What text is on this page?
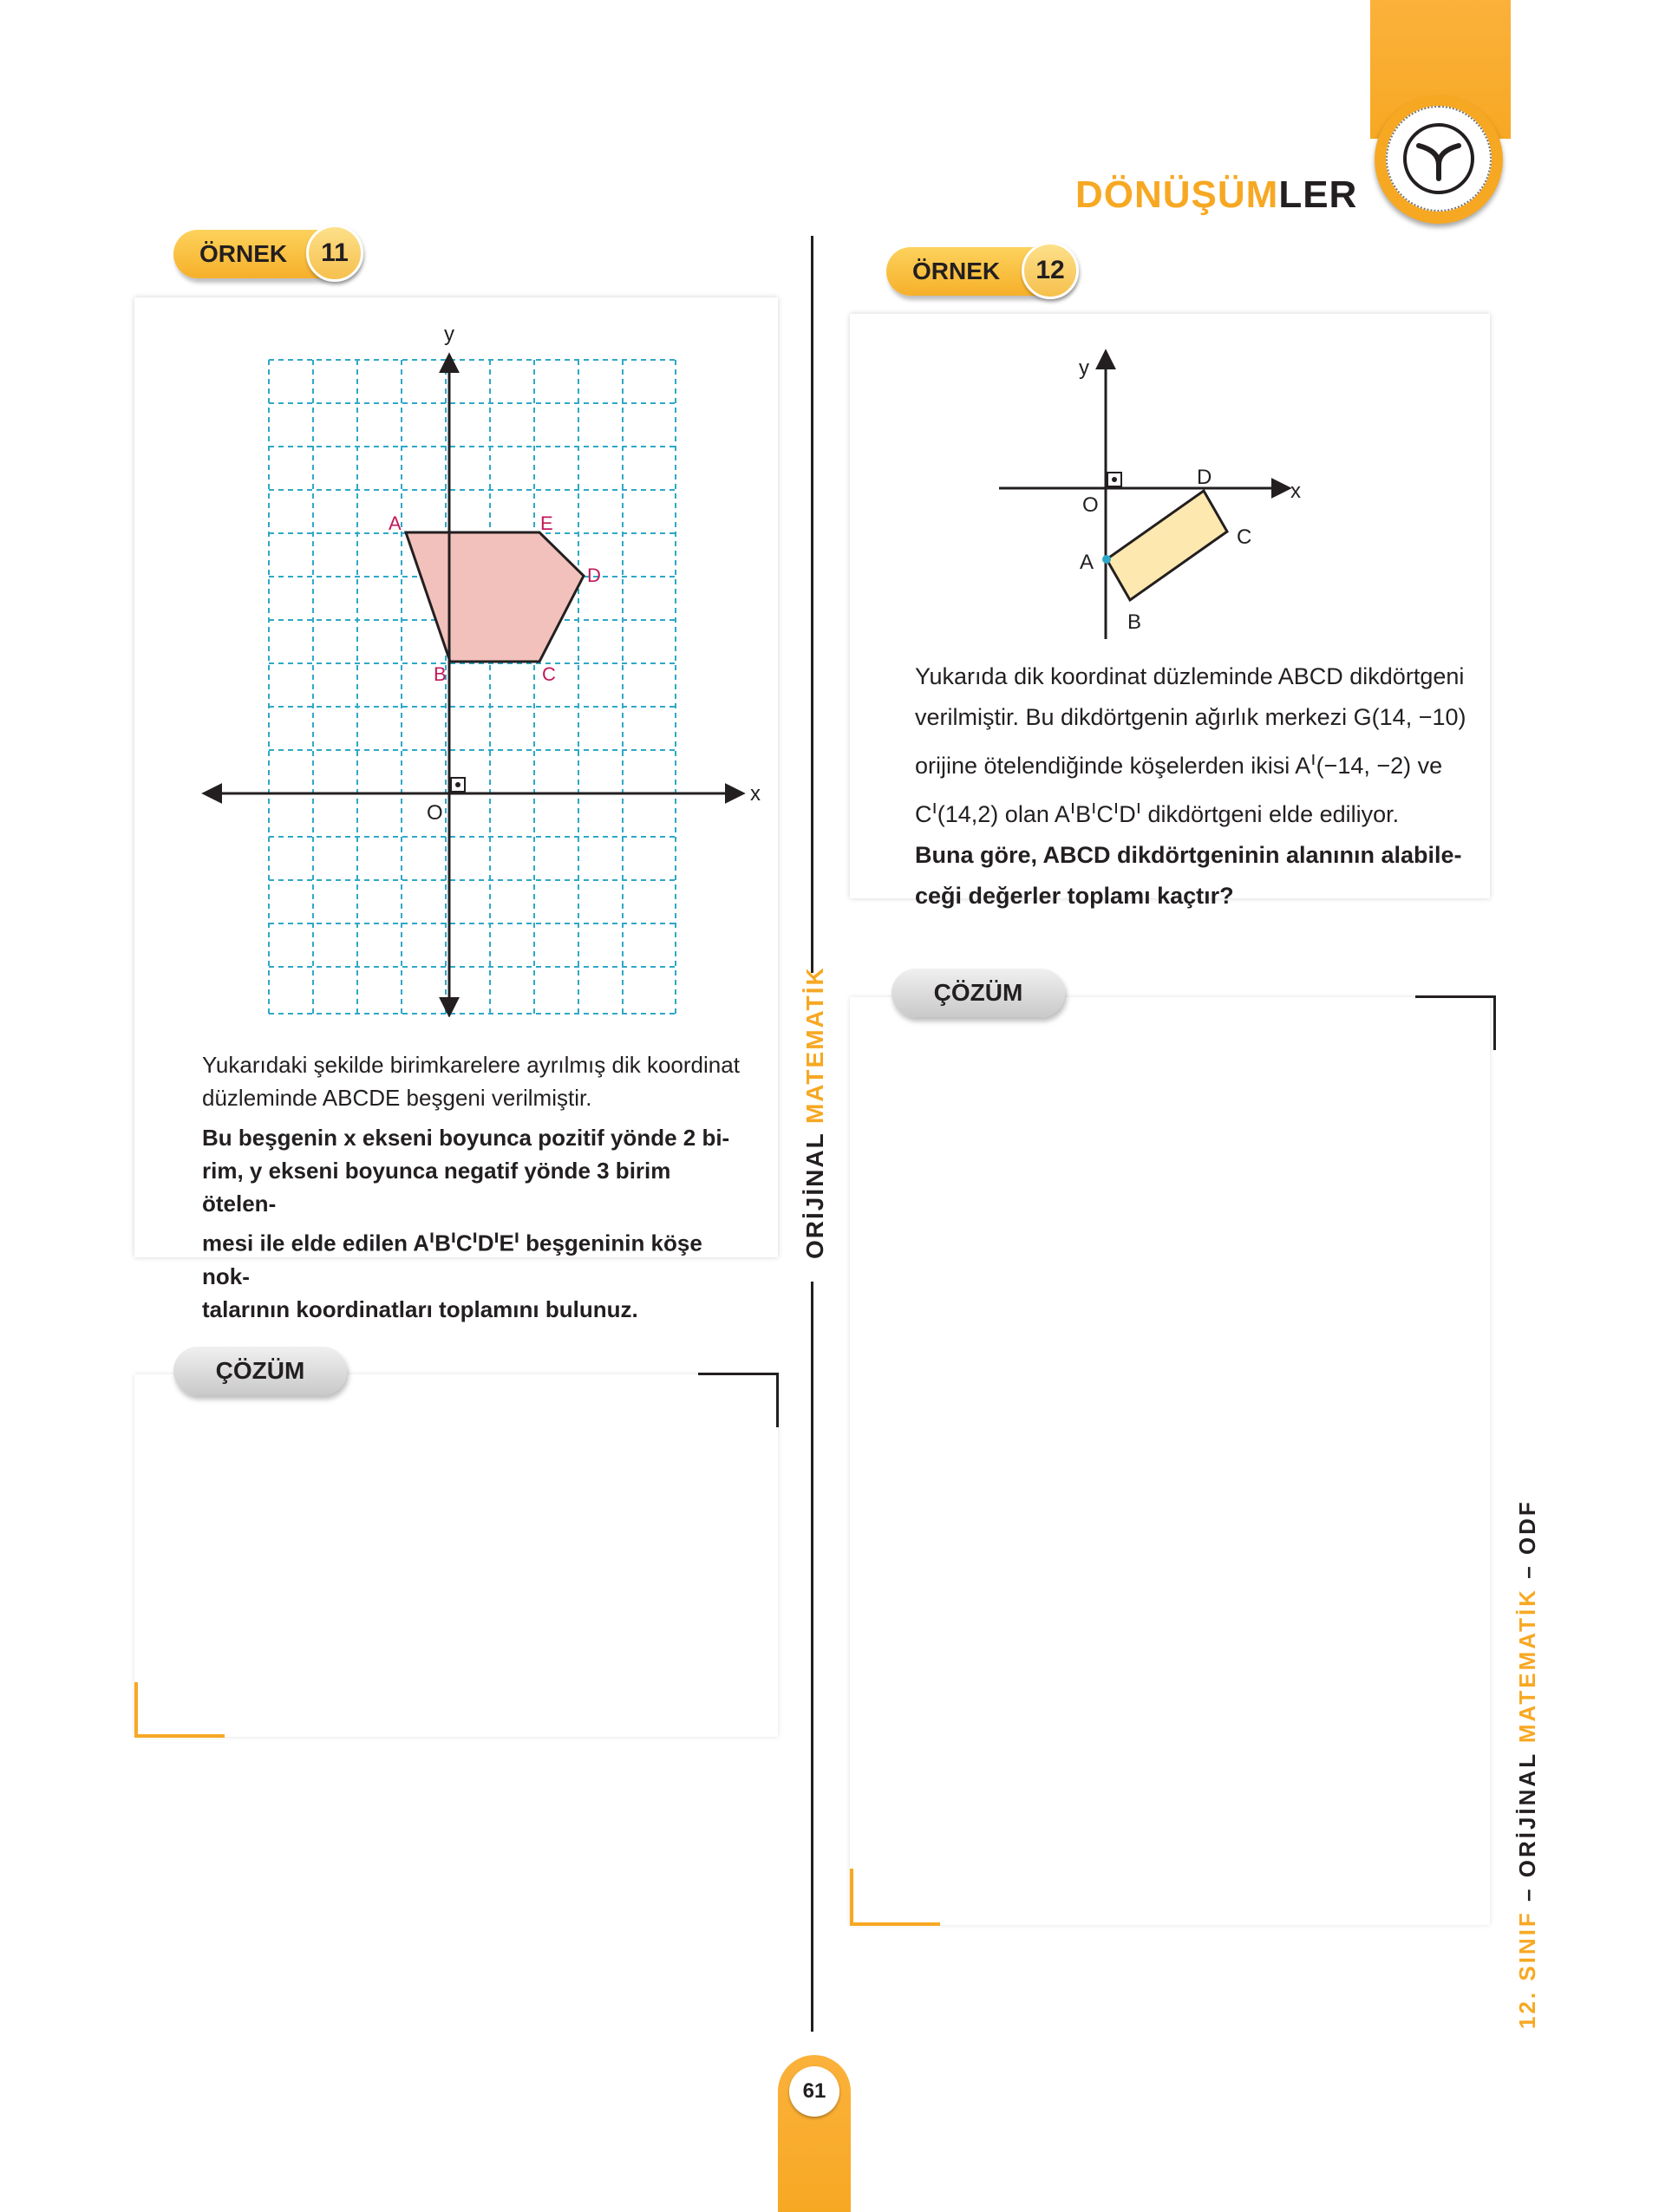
DÖNÜŞÜMLER
ÖRNEK	11
y
x
O
A	E
D
B	C

Yukarıdaki şekilde birimkarelere ayrılmış dik koordinat

düzleminde ABCDE beşgeni verilmiştir.

Bu beşgenin x ekseni boyunca pozitif yönde 2 bi-

rim, y ekseni boyunca negatif yönde 3 birim ötelen-

mesi ile elde edilen $A^ıB^ıC^ıD^ıE^ı$ beşgeninin köşe nok-

talarının koordinatları toplamını bulunuz.

ÇÖZÜM
ORİJİNAL MATEMATİK
ÖRNEK	12
y
x
O
A
B
C
D

Yukarıda dik koordinat düzleminde ABCD dikdörtgeni

verilmiştir. Bu dikdörtgenin ağırlık merkezi G(14, −10)

orijine ötelendiğinde köşelerden ikisi $A^ı(-14$, −2) ve

$C^ı(14,2)$ olan $A^ıB^ıC^ıD^ı$ dikdörtgeni elde ediliyor.

Buna göre, ABCD dikdörtgeninin alanının alabile-

ceği değerler toplamı kaçtır?

ÇÖZÜM
12. SINIF – ORİJİNAL MATEMATİK – ODF
61
